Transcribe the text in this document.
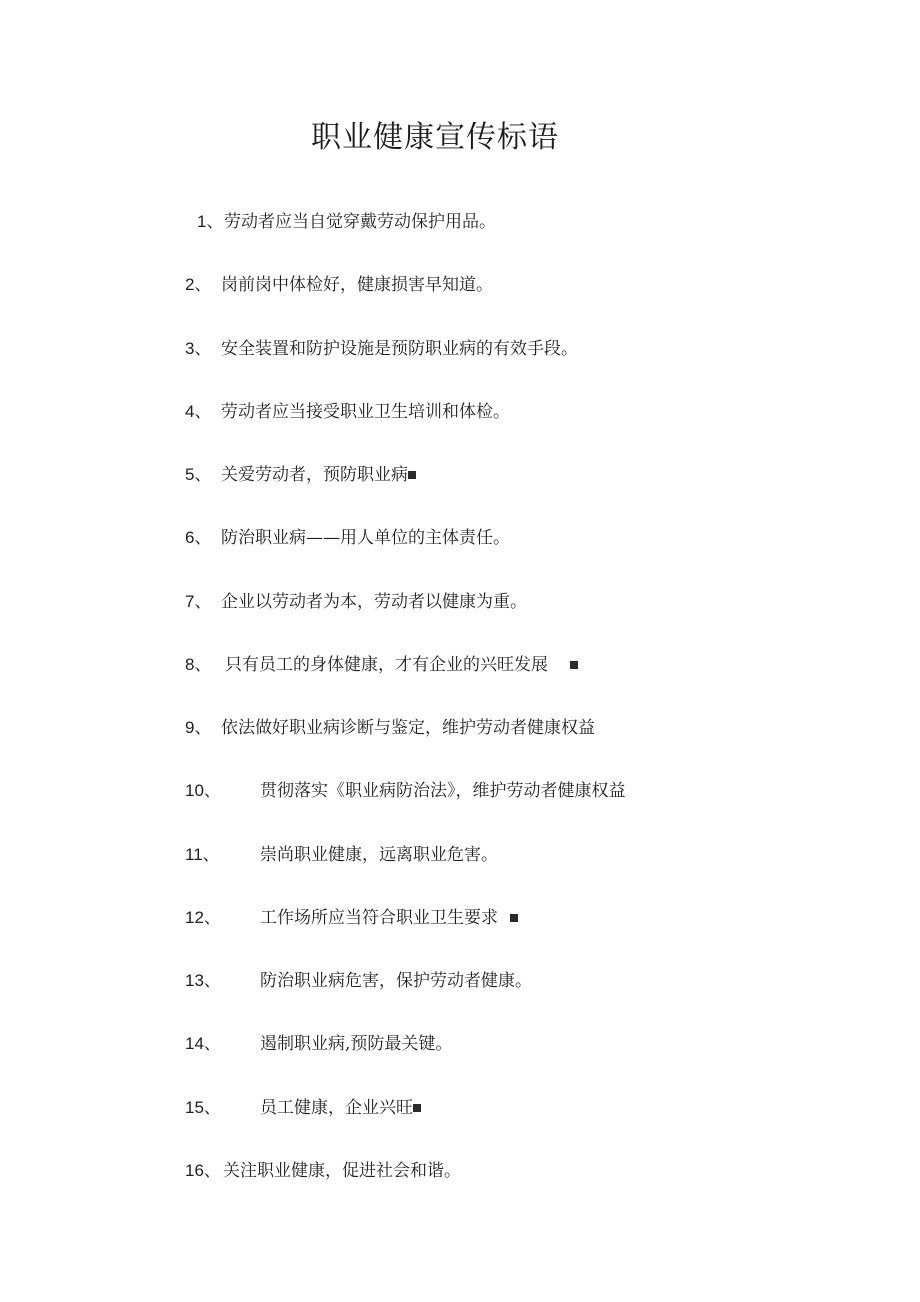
职业健康宣传标语
1、 劳动者应当自觉穿戴劳动保护用品。
2、 岗前岗中体检好，健康损害早知道。
3、 安全装置和防护设施是预防职业病的有效手段。
4、 劳动者应当接受职业卫生培训和体检。
5、 关爱劳动者，预防职业病
6、 防治职业病——用人单位的主体责任。
7、 企业以劳动者为本，劳动者以健康为重。
8、 只有员工的身体健康，才有企业的兴旺发展
9、 依法做好职业病诊断与鉴定，维护劳动者健康权益
10、 贯彻落实《职业病防治法》，维护劳动者健康权益
11、 崇尚职业健康，远离职业危害。
12、 工作场所应当符合职业卫生要求
13、 防治职业病危害，保护劳动者健康。
14、 遏制职业病,预防最关键。
15、 员工健康，企业兴旺
16、 关注职业健康，促进社会和谐。
